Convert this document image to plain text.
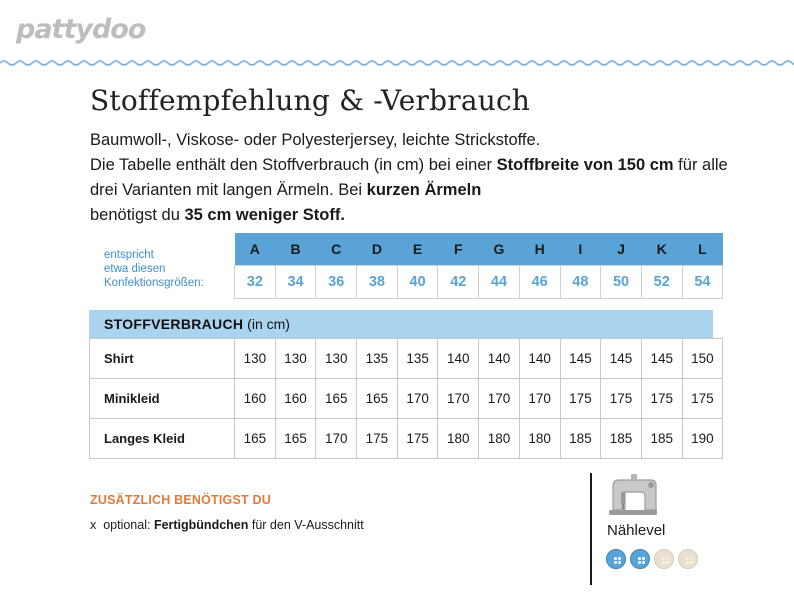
pattydoo
Stoffempfehlung & -Verbrauch
Baumwoll-, Viskose- oder Polyesterjersey, leichte Strickstoffe.
Die Tabelle enthält den Stoffverbrauch (in cm) bei einer Stoffbreite von 150 cm für alle drei Varianten mit langen Ärmeln. Bei kurzen Ärmeln
benötigst du 35 cm weniger Stoff.
entspricht
etwa diesen
Konfektionsgrößen:
A	B	C	D	E	F	G	H	I	J	K	L
32	34	36	38	40	42	44	46	48	50	52	54
STOFFVERBRAUCH (in cm)
Shirt	130	130	130	135	135	140	140	140	145	145	145	150
Minikleid	160	160	165	165	170	170	170	170	175	175	175	175
Langes Kleid	165	165	170	175	175	180	180	180	185	185	185	190
ZUSÄTZLICH BENÖTIGST DU
x  optional: Fertigbündchen für den V-Ausschnitt	Nählevel
